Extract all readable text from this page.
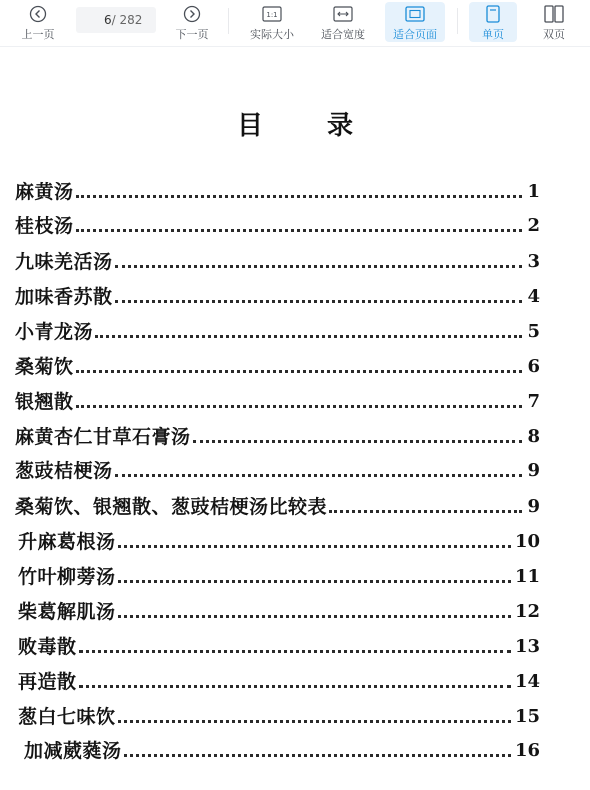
上一页
6
/ 282
下一页
1:1
实际大小 适合宽度	适合页面	单页	双页
目录
麻黄汤	1
桂枝汤	2
九味羌活汤	3
加味香苏散	4
小青龙汤	5
桑菊饮	6
银翘散	7
麻黄杏仁甘草石膏汤	8
葱豉桔梗汤	9
桑菊饮、银翘散、葱豉桔梗汤比较表	9
升麻葛根汤	10
竹叶柳蒡汤	11
柴葛解肌汤	12
败毒散	13
再造散	14
葱白七味饮	15
加减葳蕤汤	16
